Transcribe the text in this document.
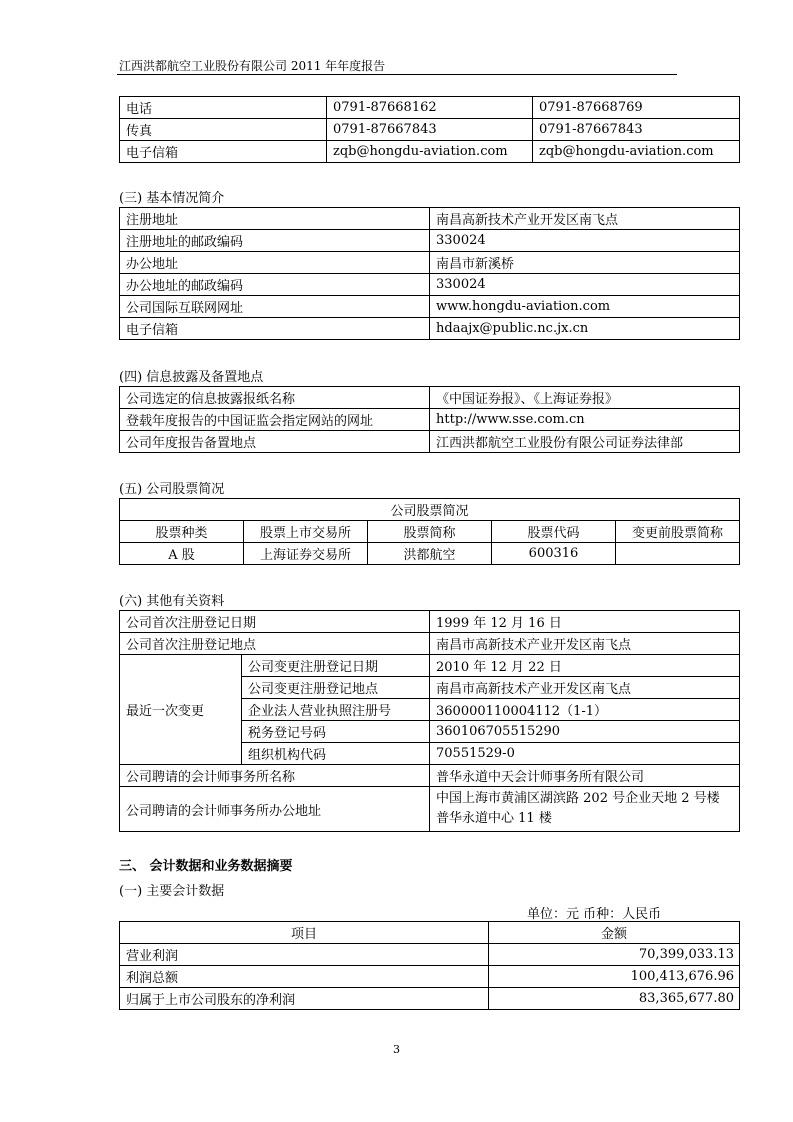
江西洪都航空工业股份有限公司 2011 年年度报告
电话	0791-87668162	0791-87668769
传真	0791-87667843	0791-87667843
电子信箱	zqb@hongdu-aviation.com	zqb@hongdu-aviation.com
(三) 基本情况简介
注册地址	南昌高新技术产业开发区南飞点
注册地址的邮政编码	330024
办公地址	南昌市新溪桥
办公地址的邮政编码	330024
公司国际互联网网址	www.hongdu-aviation.com
电子信箱	hdaajx@public.nc.jx.cn
(四) 信息披露及备置地点
公司选定的信息披露报纸名称	《中国证券报》、《上海证券报》
登载年度报告的中国证监会指定网站的网址	http://www.sse.com.cn
公司年度报告备置地点	江西洪都航空工业股份有限公司证券法律部
(五) 公司股票简况
公司股票简况				
股票种类	股票上市交易所	股票简称	股票代码	变更前股票简称
A 股	上海证券交易所	洪都航空	600316	
(六) 其他有关资料
公司首次注册登记日期		1999 年 12 月 16 日
公司首次注册登记地点		南昌市高新技术产业开发区南飞点
最近一次变更	公司变更注册登记日期	2010 年 12 月 22 日
	公司变更注册登记地点	南昌市高新技术产业开发区南飞点
	企业法人营业执照注册号	360000110004112（1-1）
	税务登记号码	360106705515290
	组织机构代码	70551529-0
公司聘请的会计师事务所名称		普华永道中天会计师事务所有限公司
公司聘请的会计师事务所办公地址		中国上海市黄浦区湖滨路 202 号企业天地 2 号楼
普华永道中心 11 楼
三、 会计数据和业务数据摘要
(一) 主要会计数据
单位：元 币种：人民币
项目	金额
营业利润	70,399,033.13
利润总额	100,413,676.96
归属于上市公司股东的净利润	83,365,677.80
3
